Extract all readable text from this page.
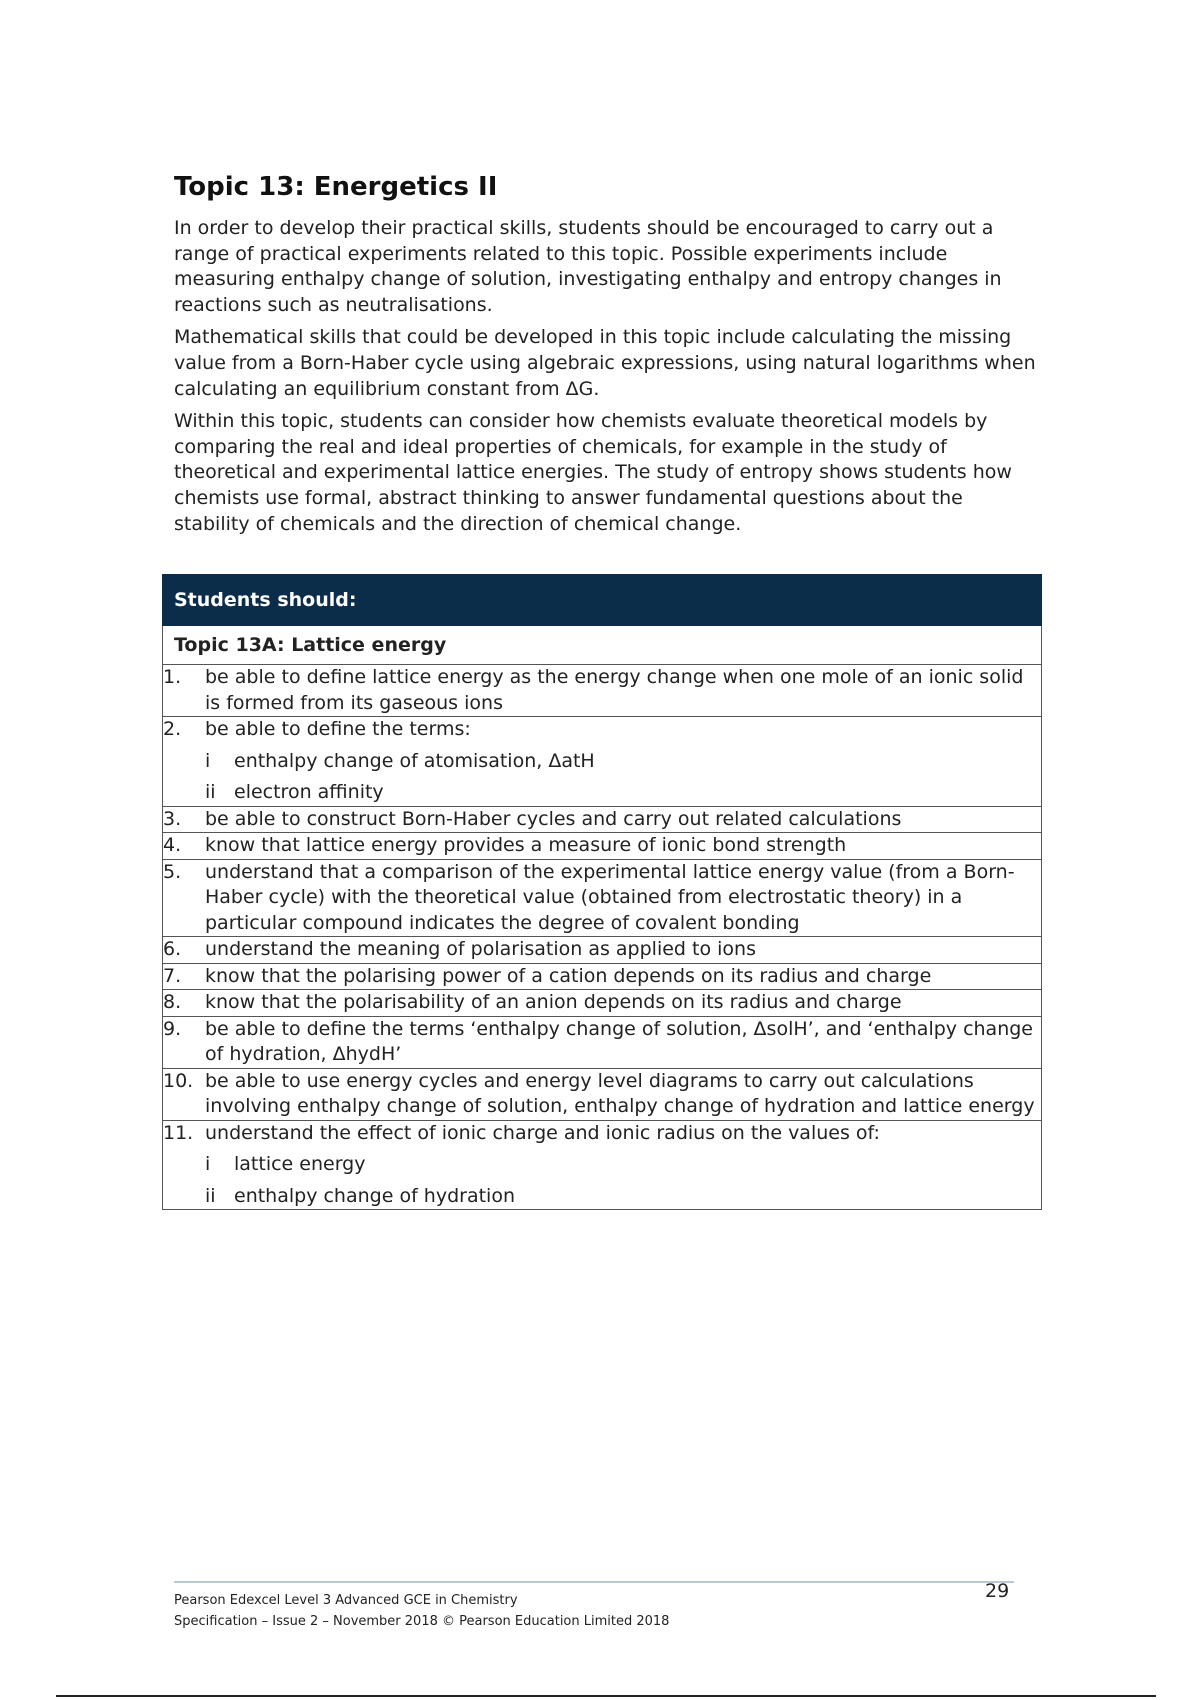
Topic 13: Energetics II

In order to develop their practical skills, students should be encouraged to carry out a range of practical experiments related to this topic. Possible experiments include measuring enthalpy change of solution, investigating enthalpy and entropy changes in reactions such as neutralisations.

Mathematical skills that could be developed in this topic include calculating the missing value from a Born-Haber cycle using algebraic expressions, using natural logarithms when calculating an equilibrium constant from ΔG.

Within this topic, students can consider how chemists evaluate theoretical models by comparing the real and ideal properties of chemicals, for example in the study of theoretical and experimental lattice energies. The study of entropy shows students how chemists use formal, abstract thinking to answer fundamental questions about the stability of chemicals and the direction of chemical change.

Students should:
Topic 13A: Lattice energy

1.	be able to define lattice energy as the energy change when one mole of an ionic solid is formed from its gaseous ions

2.	be able to define the terms:
i	enthalpy change of atomisation, ΔatH
ii electron affinity

3.	be able to construct Born-Haber cycles and carry out related calculations

4.	know that lattice energy provides a measure of ionic bond strength

5.	understand that a comparison of the experimental lattice energy value (from a Born-Haber cycle) with the theoretical value (obtained from electrostatic theory) in a particular compound indicates the degree of covalent bonding

6.	understand the meaning of polarisation as applied to ions

7.	know that the polarising power of a cation depends on its radius and charge

8.	know that the polarisability of an anion depends on its radius and charge

9.	be able to define the terms ‘enthalpy change of solution, ΔsolH’, and ‘enthalpy change of hydration, ΔhydH’

10. be able to use energy cycles and energy level diagrams to carry out calculations involving enthalpy change of solution, enthalpy change of hydration and lattice energy

11. understand the effect of ionic charge and ionic radius on the values of:
i	lattice energy
ii enthalpy change of hydration
Pearson Edexcel Level 3 Advanced GCE in Chemistry
Specification – Issue 2 – November 2018 © Pearson Education Limited 2018
29
